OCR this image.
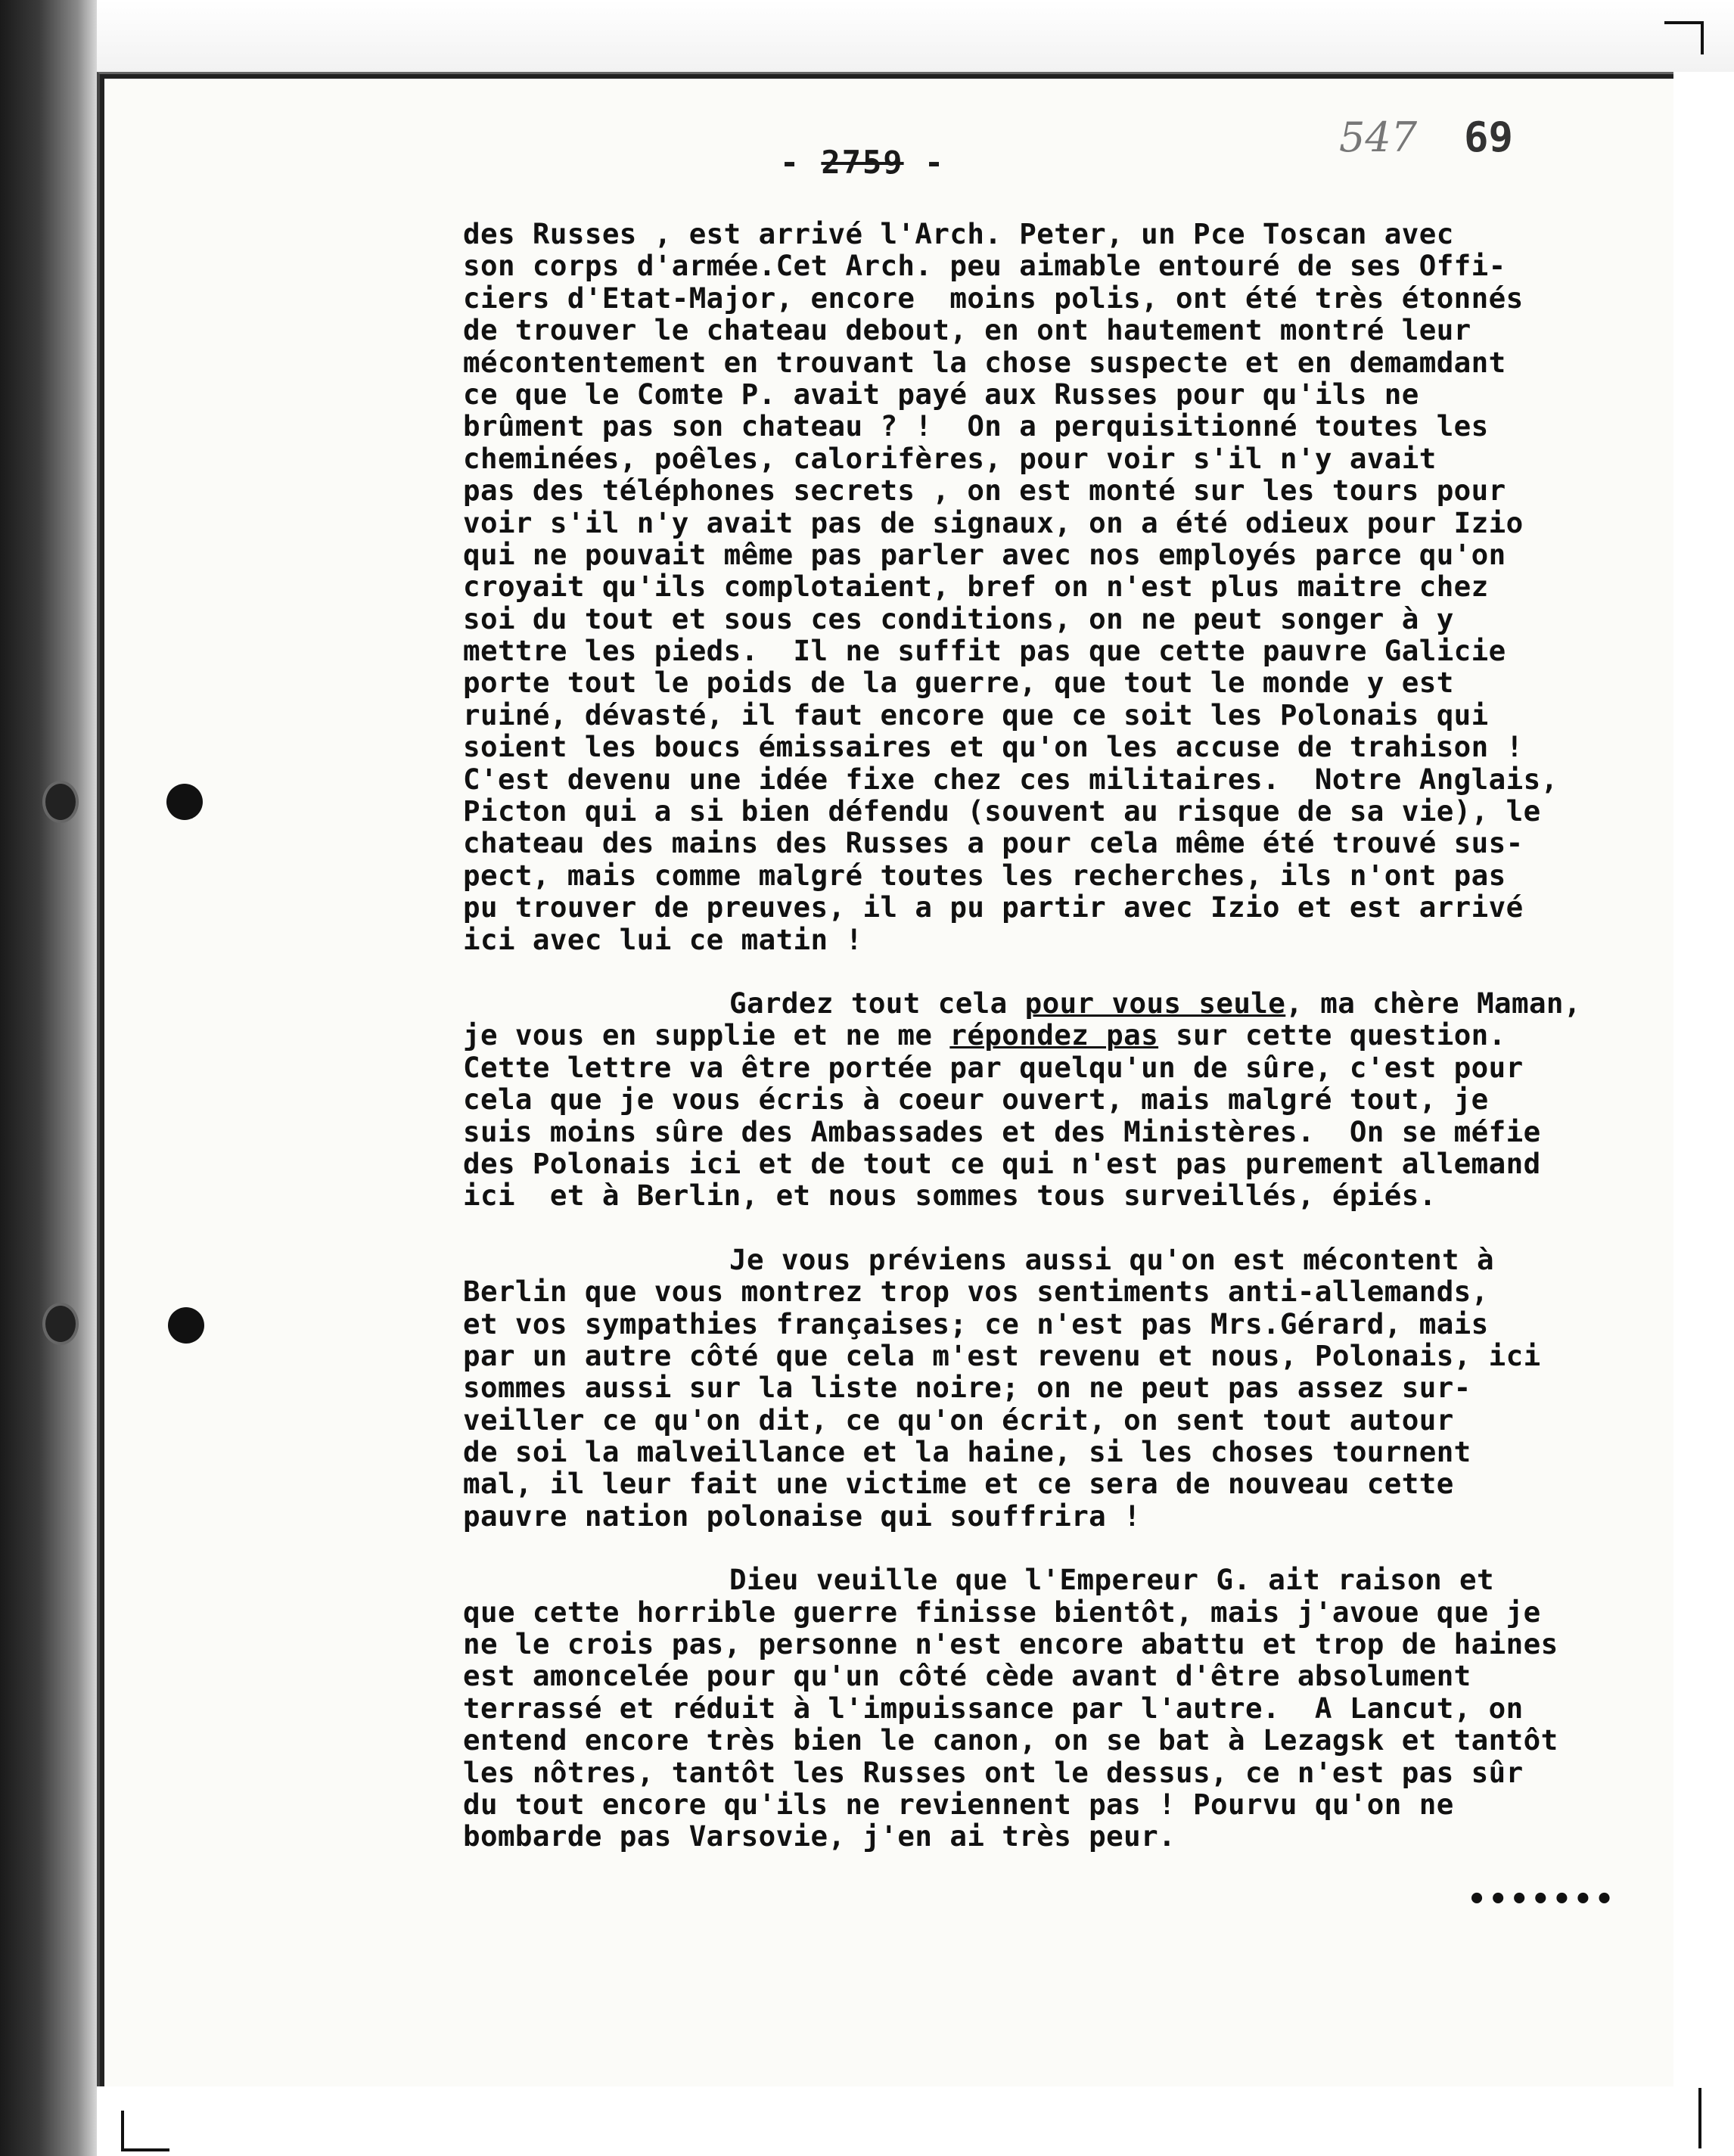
- 2759 -
547 69
des Russes , est arrivé l'Arch. Peter, un Pce Toscan avec
son corps d'armée.Cet Arch. peu aimable entouré de ses Offi-
ciers d'Etat-Major, encore  moins polis, ont été très étonnés
de trouver le chateau debout, en ont hautement montré leur
mécontentement en trouvant la chose suspecte et en demamdant
ce que le Comte P. avait payé aux Russes pour qu'ils ne
brûment pas son chateau ? !  On a perquisitionné toutes les
cheminées, poêles, calorifères, pour voir s'il n'y avait
pas des téléphones secrets , on est monté sur les tours pour
voir s'il n'y avait pas de signaux, on a été odieux pour Izio
qui ne pouvait même pas parler avec nos employés parce qu'on
croyait qu'ils complotaient, bref on n'est plus maitre chez
soi du tout et sous ces conditions, on ne peut songer à y
mettre les pieds.  Il ne suffit pas que cette pauvre Galicie
porte tout le poids de la guerre, que tout le monde y est
ruiné, dévasté, il faut encore que ce soit les Polonais qui
soient les boucs émissaires et qu'on les accuse de trahison !
C'est devenu une idée fixe chez ces militaires.  Notre Anglais,
Picton qui a si bien défendu (souvent au risque de sa vie), le
chateau des mains des Russes a pour cela même été trouvé sus-
pect, mais comme malgré toutes les recherches, ils n'ont pas
pu trouver de preuves, il a pu partir avec Izio et est arrivé
ici avec lui ce matin !
Gardez tout cela pour vous seule, ma chère Maman,
je vous en supplie et ne me répondez pas sur cette question.
Cette lettre va être portée par quelqu'un de sûre, c'est pour
cela que je vous écris à coeur ouvert, mais malgré tout, je
suis moins sûre des Ambassades et des Ministères.  On se méfie
des Polonais ici et de tout ce qui n'est pas purement allemand
ici  et à Berlin, et nous sommes tous surveillés, épiés.
Je vous préviens aussi qu'on est mécontent à
Berlin que vous montrez trop vos sentiments anti-allemands,
et vos sympathies françaises; ce n'est pas Mrs.Gérard, mais
par un autre côté que cela m'est revenu et nous, Polonais, ici
sommes aussi sur la liste noire; on ne peut pas assez sur-
veiller ce qu'on dit, ce qu'on écrit, on sent tout autour
de soi la malveillance et la haine, si les choses tournent
mal, il leur fait une victime et ce sera de nouveau cette
pauvre nation polonaise qui souffrira !
Dieu veuille que l'Empereur G. ait raison et
que cette horrible guerre finisse bientôt, mais j'avoue que je
ne le crois pas, personne n'est encore abattu et trop de haines
est amoncelée pour qu'un côté cède avant d'être absolument
terrassé et réduit à l'impuissance par l'autre.  A Lancut, on
entend encore très bien le canon, on se bat à Lezagsk et tantôt
les nôtres, tantôt les Russes ont le dessus, ce n'est pas sûr
du tout encore qu'ils ne reviennent pas ! Pourvu qu'on ne
bombarde pas Varsovie, j'en ai très peur.
•••••••
